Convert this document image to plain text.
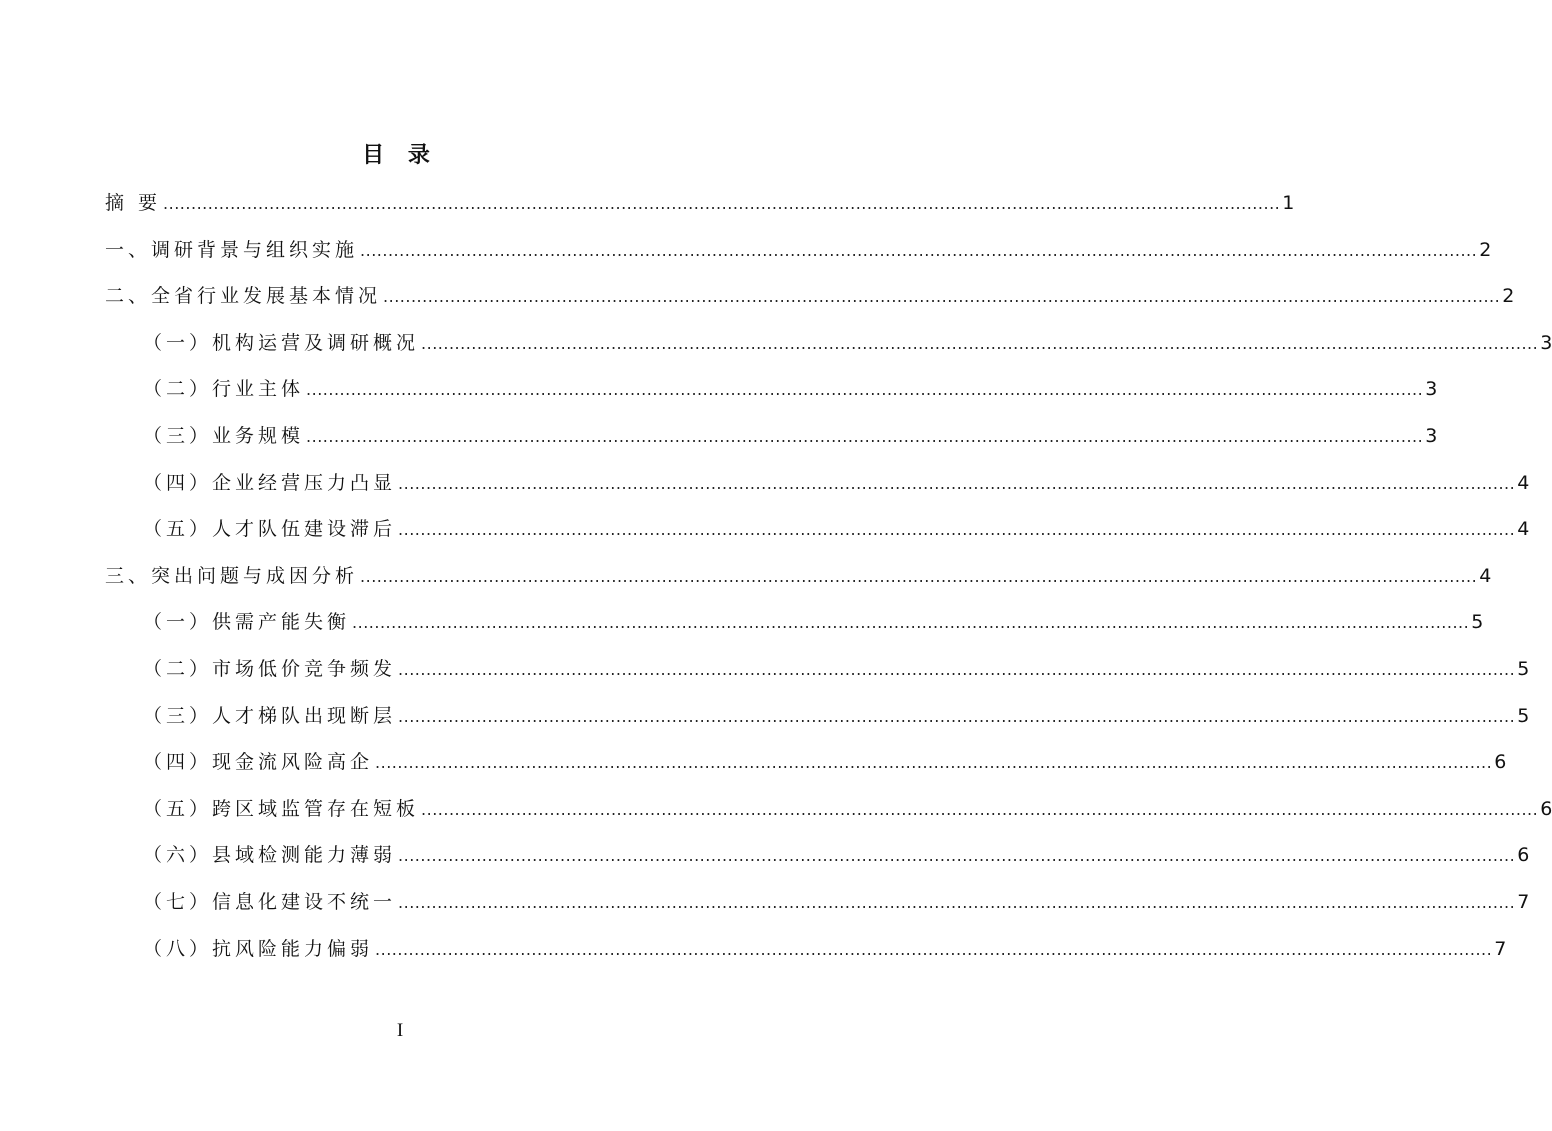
目 录
摘 要 ........................................................................................................................................................................................................ 1
一、调研背景与组织实施 ........................................................................................................................................................................................................ 2
二、全省行业发展基本情况 ........................................................................................................................................................................................................ 2
（一）机构运营及调研概况 ........................................................................................................................................................................................................ 3
（二）行业主体 ........................................................................................................................................................................................................ 3
（三）业务规模 ........................................................................................................................................................................................................ 3
（四）企业经营压力凸显 ........................................................................................................................................................................................................ 4
（五）人才队伍建设滞后 ........................................................................................................................................................................................................ 4
三、突出问题与成因分析 ........................................................................................................................................................................................................ 4
（一）供需产能失衡 ........................................................................................................................................................................................................ 5
（二）市场低价竞争频发 ........................................................................................................................................................................................................ 5
（三）人才梯队出现断层 ........................................................................................................................................................................................................ 5
（四）现金流风险高企 ........................................................................................................................................................................................................ 6
（五）跨区域监管存在短板 ........................................................................................................................................................................................................ 6
（六）县域检测能力薄弱 ........................................................................................................................................................................................................ 6
（七）信息化建设不统一 ........................................................................................................................................................................................................ 7
（八）抗风险能力偏弱 ........................................................................................................................................................................................................ 7
I
